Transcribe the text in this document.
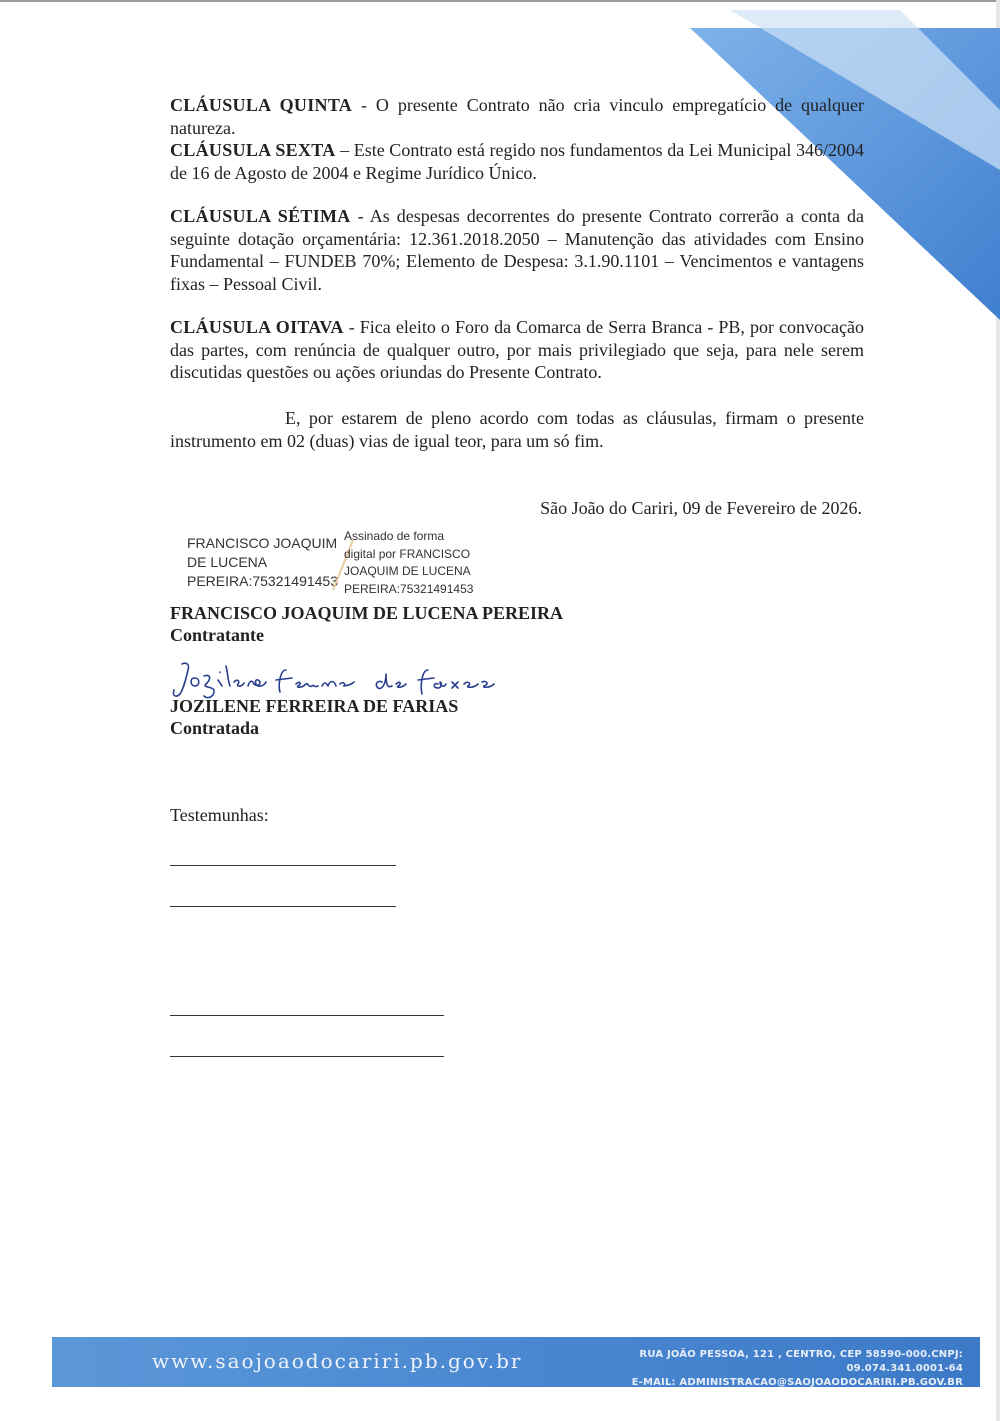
CLÁUSULA QUINTA - O presente Contrato não cria vinculo empregatício de qualquer natureza.
CLÁUSULA SEXTA – Este Contrato está regido nos fundamentos da Lei Municipal 346/2004 de 16 de Agosto de 2004 e Regime Jurídico Único.
CLÁUSULA SÉTIMA - As despesas decorrentes do presente Contrato correrão a conta da seguinte dotação orçamentária: 12.361.2018.2050 – Manutenção das atividades com Ensino Fundamental – FUNDEB 70%; Elemento de Despesa: 3.1.90.1101 – Vencimentos e vantagens fixas – Pessoal Civil.
CLÁUSULA OITAVA - Fica eleito o Foro da Comarca de Serra Branca - PB, por convocação das partes, com renúncia de qualquer outro, por mais privilegiado que seja, para nele serem discutidas questões ou ações oriundas do Presente Contrato.
E, por estarem de pleno acordo com todas as cláusulas, firmam o presente instrumento em 02 (duas) vias de igual teor, para um só fim.
São João do Cariri, 09 de Fevereiro de 2026.
FRANCISCO JOAQUIM
DE LUCENA
PEREIRA:75321491453
Assinado de forma
digital por FRANCISCO
JOAQUIM DE LUCENA
PEREIRA:75321491453
FRANCISCO JOAQUIM DE LUCENA PEREIRA
Contratante
JOZILENE FERREIRA DE FARIAS
Contratada
Testemunhas:
www.saojoaodocariri.pb.gov.br	RUA JOÃO PESSOA, 121 , CENTRO, CEP 58590-000.CNPJ: 09.074.341.0001-64
E-MAIL: ADMINISTRACAO@SAOJOAODOCARIRI.PB.GOV.BR
